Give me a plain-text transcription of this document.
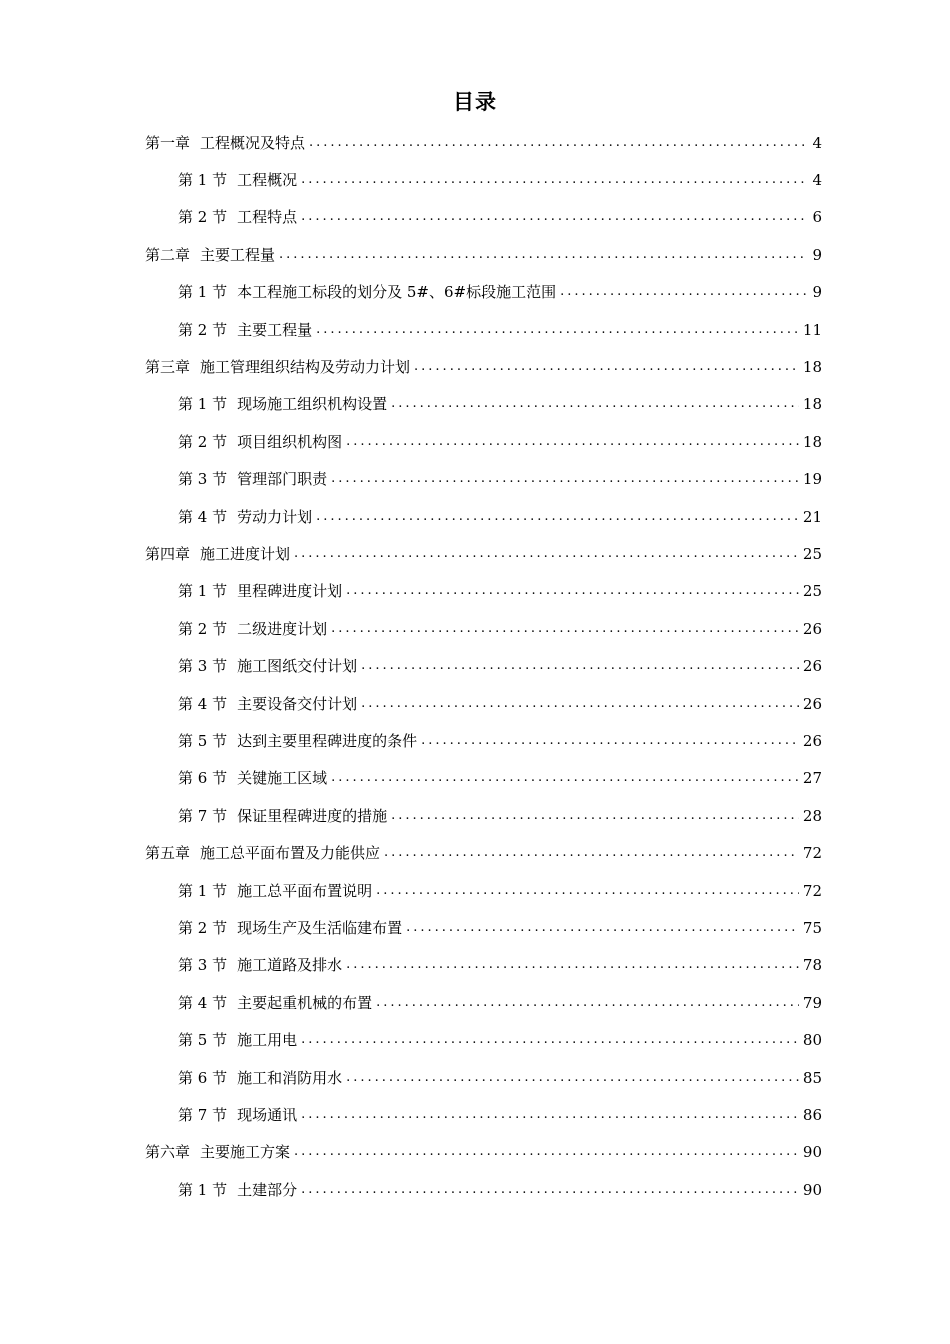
目录
第一章 工程概况及特点 .....	4
第 1 节 工程概况 .....	4
第 2 节 工程特点 .....	6
第二章 主要工程量 .....	9
第 1 节 本工程施工标段的划分及 5#、6#标段施工范围 .....	9
第 2 节 主要工程量 .....	11
第三章 施工管理组织结构及劳动力计划 .....	18
第 1 节 现场施工组织机构设置 .....	18
第 2 节 项目组织机构图 .....	18
第 3 节 管理部门职责 .....	19
第 4 节 劳动力计划 .....	21
第四章 施工进度计划 .....	25
第 1 节 里程碑进度计划 .....	25
第 2 节 二级进度计划 .....	26
第 3 节 施工图纸交付计划 .....	26
第 4 节 主要设备交付计划 .....	26
第 5 节 达到主要里程碑进度的条件 .....	26
第 6 节 关键施工区域 .....	27
第 7 节 保证里程碑进度的措施 .....	28
第五章 施工总平面布置及力能供应 .....	72
第 1 节 施工总平面布置说明 .....	72
第 2 节 现场生产及生活临建布置 .....	75
第 3 节 施工道路及排水 .....	78
第 4 节 主要起重机械的布置 .....	79
第 5 节 施工用电 .....	80
第 6 节 施工和消防用水 .....	85
第 7 节 现场通讯 .....	86
第六章 主要施工方案 .....	90
第 1 节 土建部分 .....	90
